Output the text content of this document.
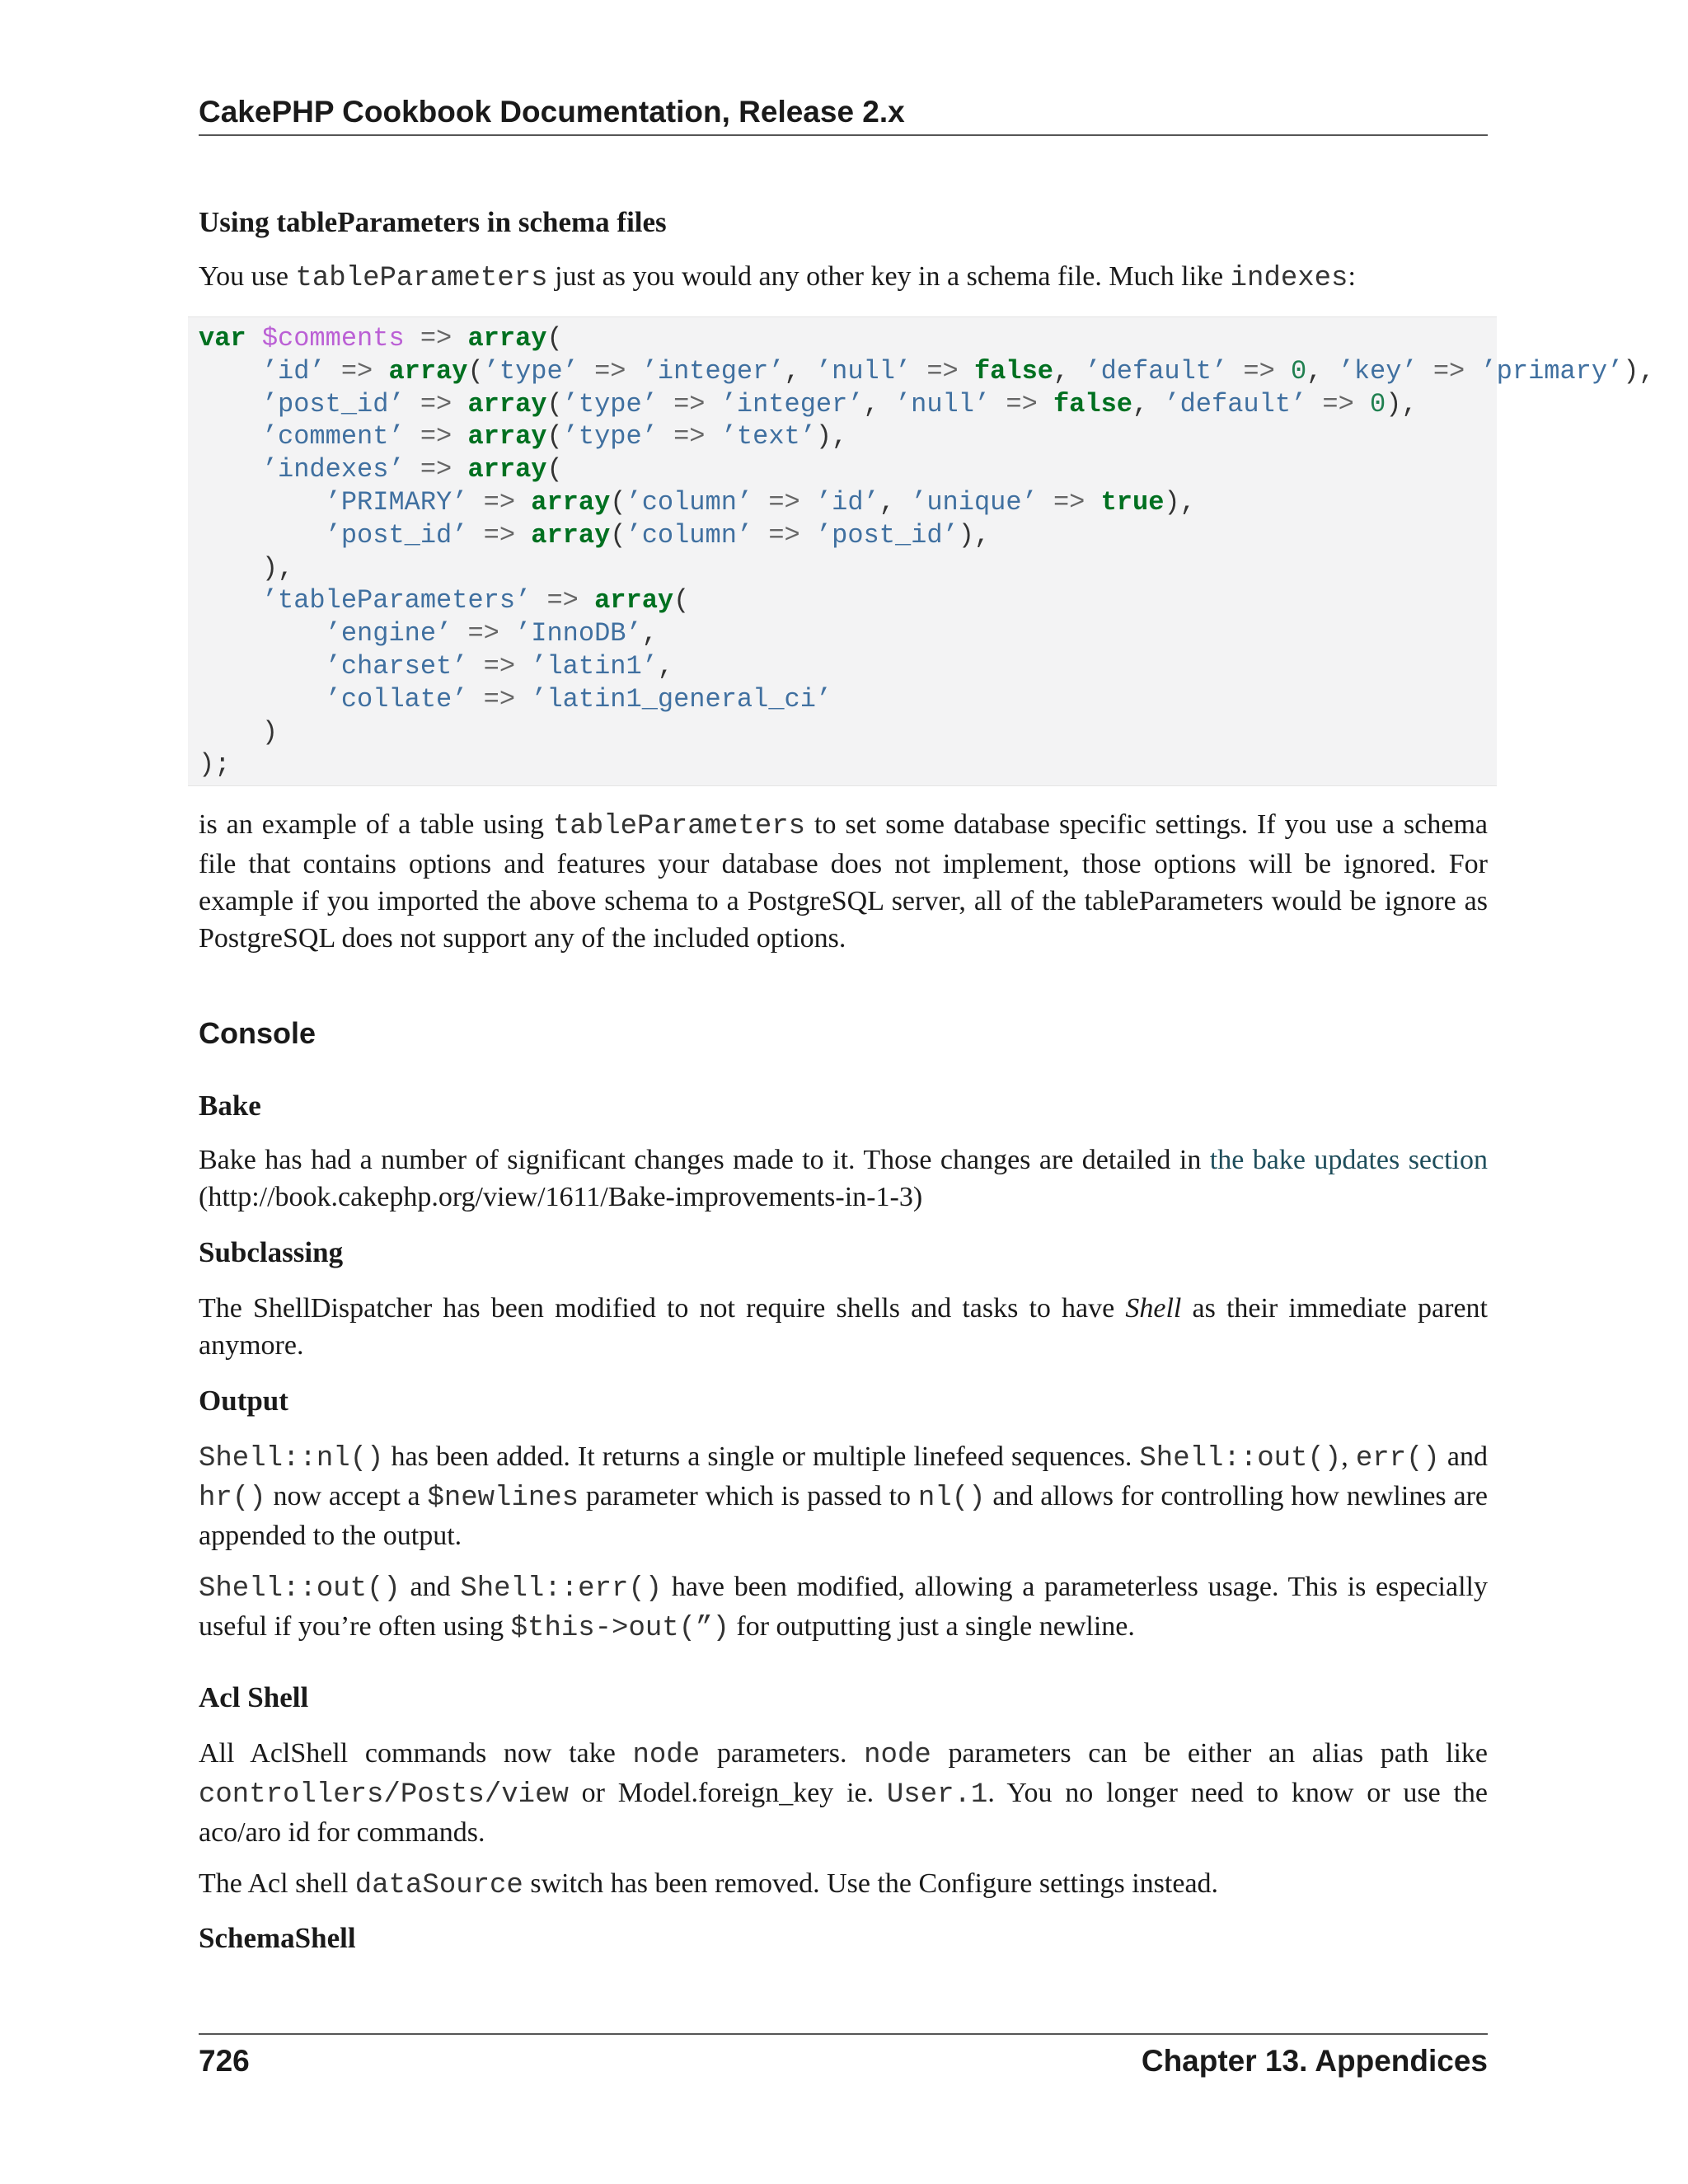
CakePHP Cookbook Documentation, Release 2.x
Using tableParameters in schema files

You use tableParameters just as you would any other key in a schema file. Much like indexes:

var $comments => array(
’id’ => array(’type’ => ’integer’, ’null’ => false, ’default’ => 0, ’key’ => ’primary’),
’post_id’ => array(’type’ => ’integer’, ’null’ => false, ’default’ => 0),
’comment’ => array(’type’ => ’text’),
’indexes’ => array(
’PRIMARY’ => array(’column’ => ’id’, ’unique’ => true),
’post_id’ => array(’column’ => ’post_id’),
),
’tableParameters’ => array(
’engine’ => ’InnoDB’,
’charset’ => ’latin1’,
’collate’ => ’latin1_general_ci’
)
);

is an example of a table using tableParameters to set some database specific settings. If you use a schema file that contains options and features your database does not implement, those options will be ignored. For example if you imported the above schema to a PostgreSQL server, all of the tableParameters would be ignore as PostgreSQL does not support any of the included options.

Console
Bake

Bake has had a number of significant changes made to it. Those changes are detailed in the bake updates section (http://book.cakephp.org/view/1611/Bake-improvements-in-1-3)

Subclassing

The ShellDispatcher has been modified to not require shells and tasks to have Shell as their immediate parent anymore.

Output

Shell::nl() has been added. It returns a single or multiple linefeed sequences. Shell::out(), err() and hr() now accept a $newlines parameter which is passed to nl() and allows for controlling how newlines are appended to the output.

Shell::out() and Shell::err() have been modified, allowing a parameterless usage. This is especially useful if you’re often using $this->out(”) for outputting just a single newline.

Acl Shell

All AclShell commands now take node parameters. node parameters can be either an alias path like controllers/Posts/view or Model.foreign_key ie. User.1. You no longer need to know or use the aco/aro id for commands.

The Acl shell dataSource switch has been removed. Use the Configure settings instead.

SchemaShell
726	Chapter 13. Appendices
